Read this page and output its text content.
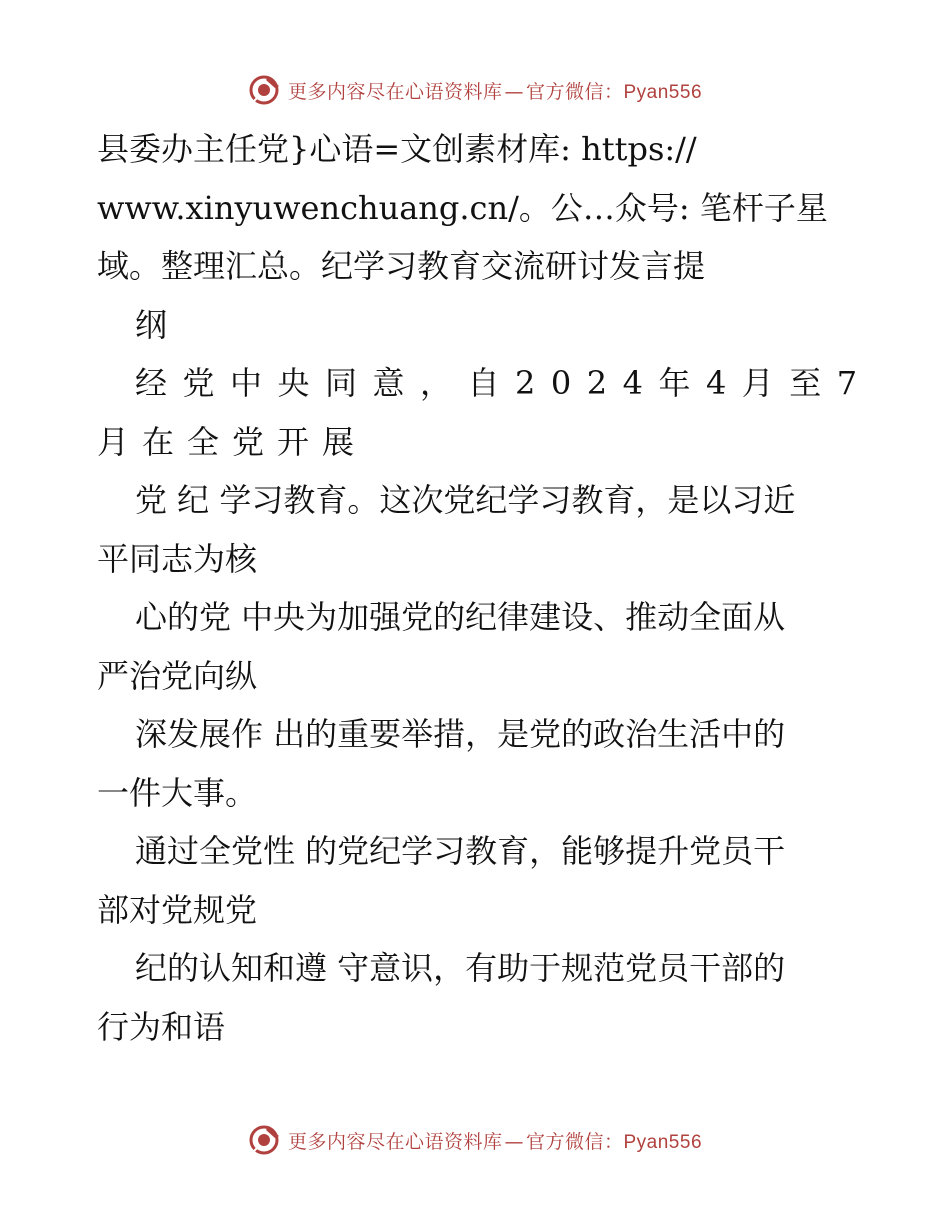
更多内容尽在心语资料库 — 官方微信：Pyan556
县委办主任党}心语=文创素材库: https://
www.xinyuwenchuang.cn/。公…众号: 笔杆子星
域。整理汇总。纪学习教育交流研讨发言提
纲
经党中央同意，自2024年4月至7
月在全党开展
党 纪 学习教育。这次党纪学习教育，是以习近
平同志为核
心的党 中央为加强党的纪律建设、推动全面从
严治党向纵
深发展作 出的重要举措，是党的政治生活中的
一件大事。
通过全党性 的党纪学习教育，能够提升党员干
部对党规党
纪的认知和遵 守意识，有助于规范党员干部的
行为和语
更多内容尽在心语资料库 — 官方微信：Pyan556
